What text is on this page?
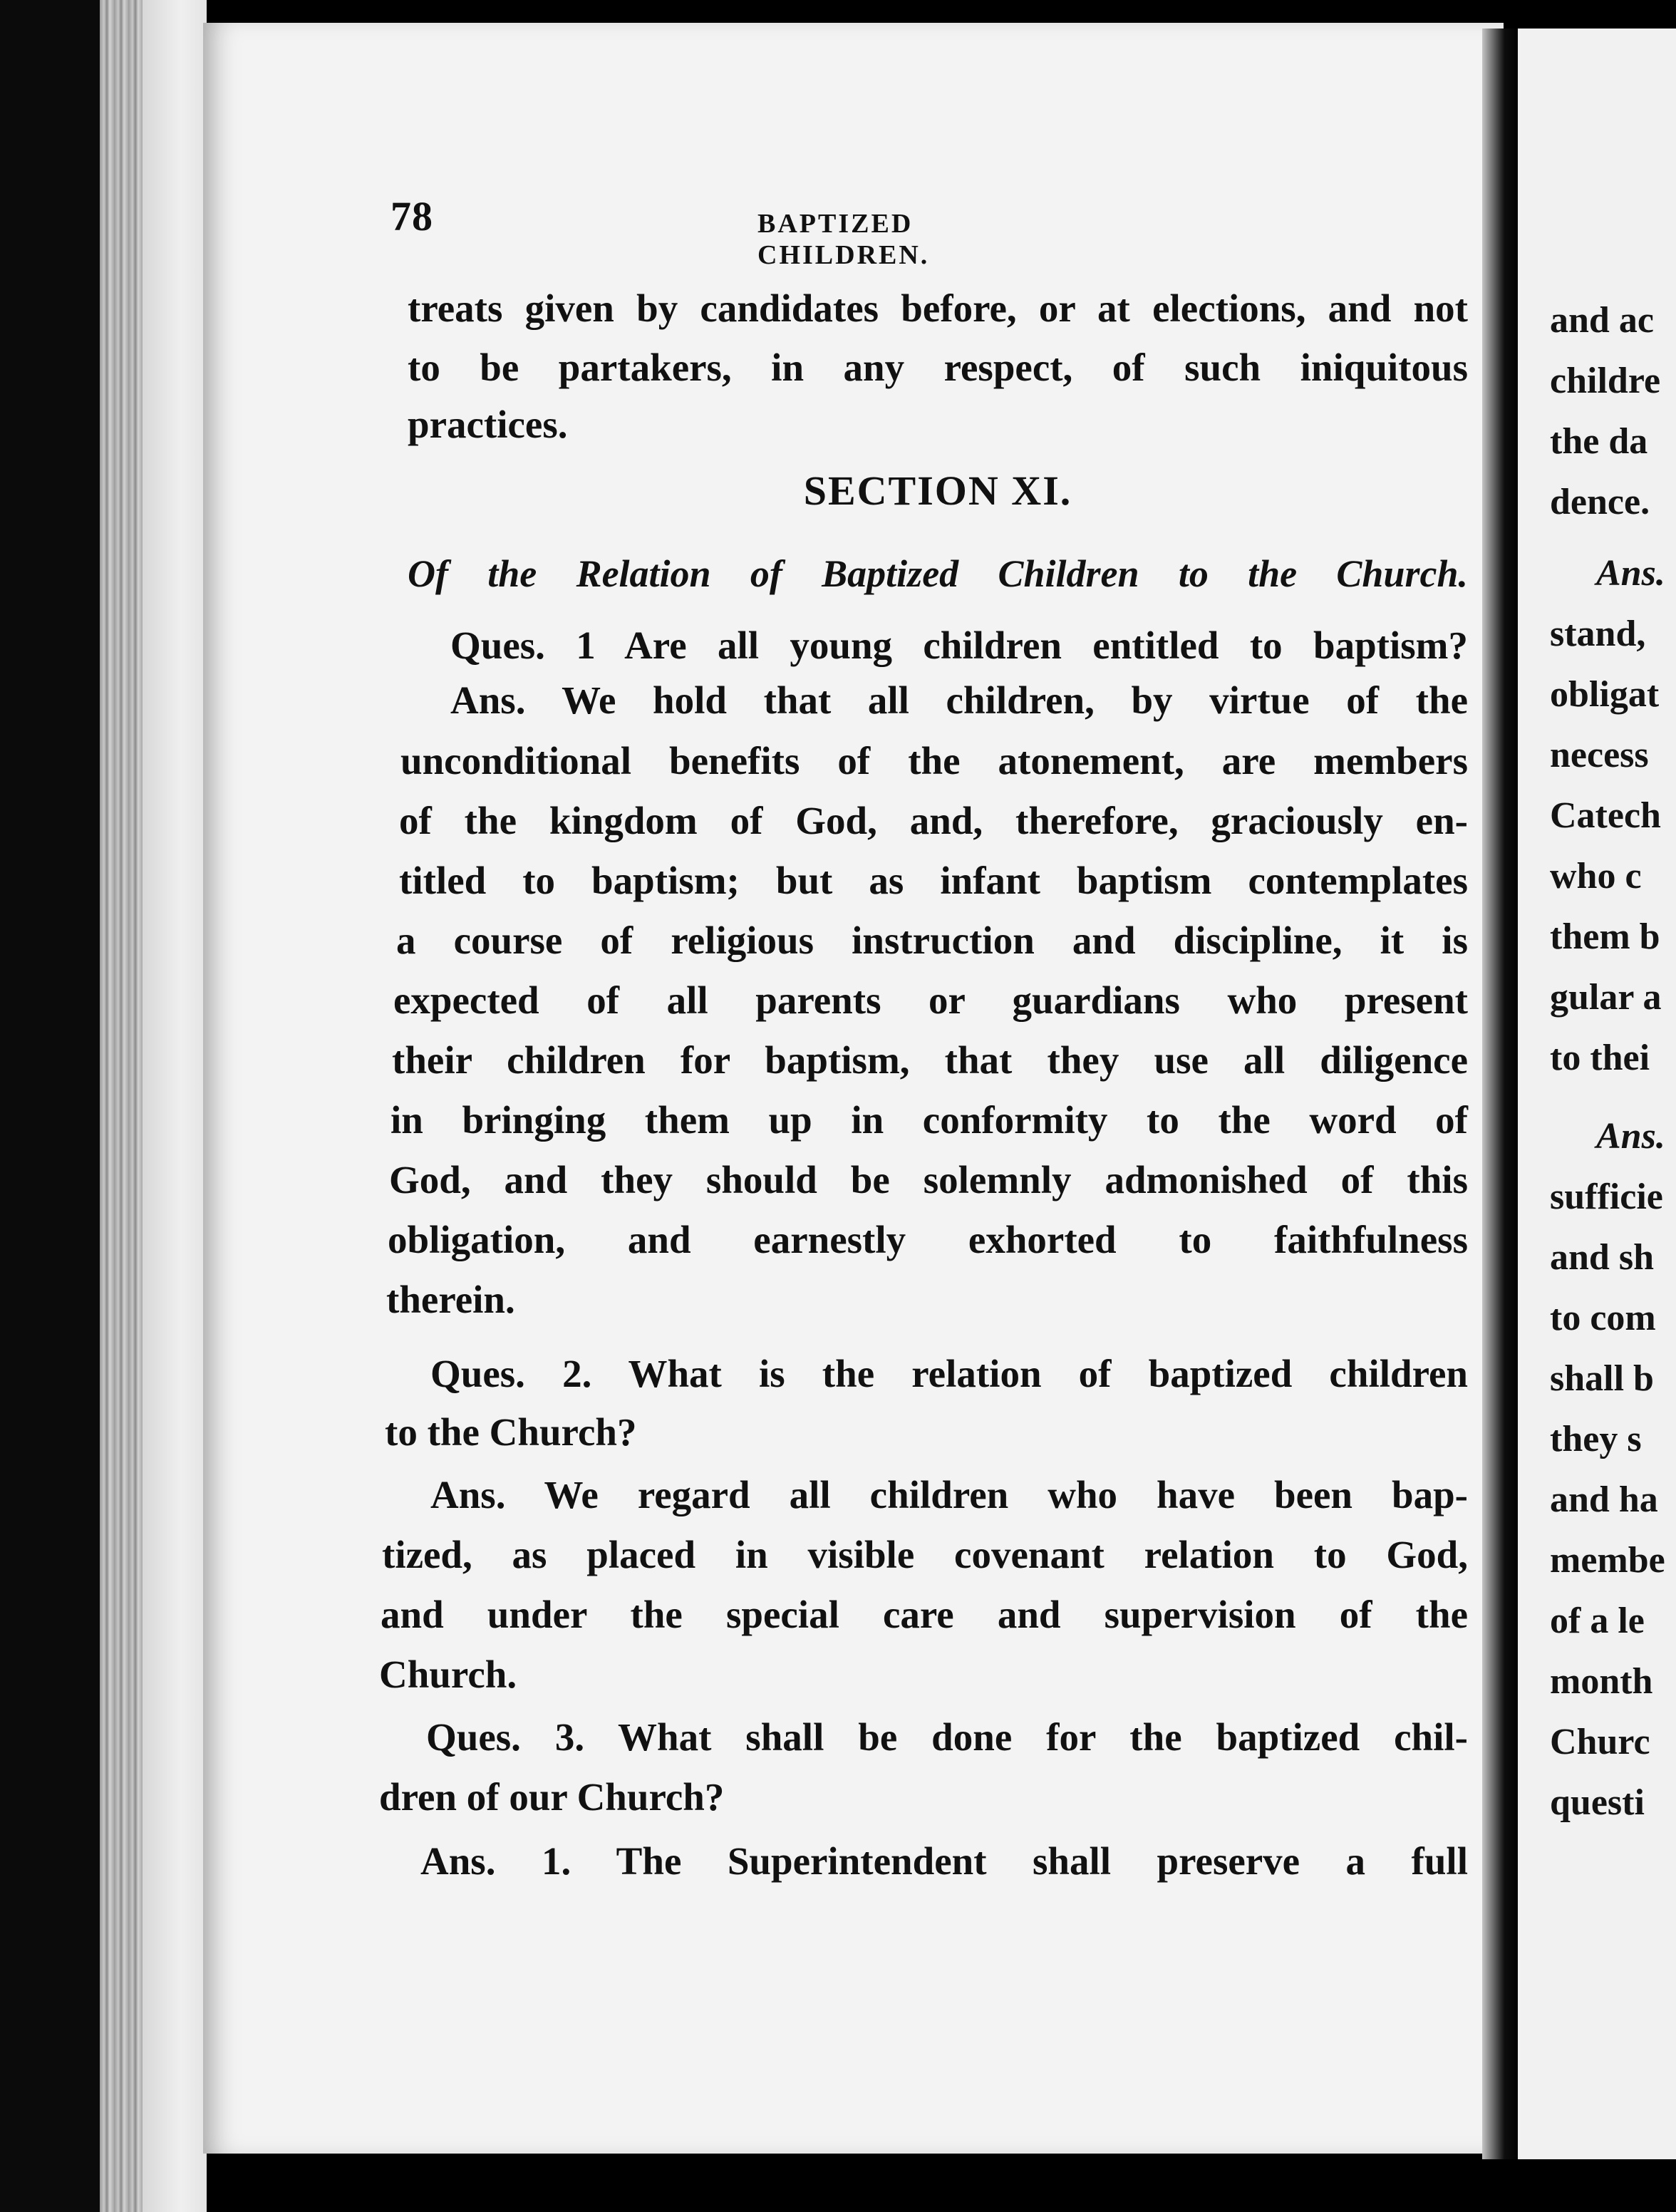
78	BAPTIZED CHILDREN.
treats given by candidates before, or at elections, and not
to be partakers, in any respect, of such iniquitous
practices.
SECTION XI.
Of the Relation of Baptized Children to the Church.
Ques. 1 Are all young children entitled to baptism?
Ans. We hold that all children, by virtue of the
unconditional benefits of the atonement, are members
of the kingdom of God, and, therefore, graciously en-
titled to baptism; but as infant baptism contemplates
a course of religious instruction and discipline, it is
expected of all parents or guardians who present
their children for baptism, that they use all diligence
in bringing them up in conformity to the word of
God, and they should be solemnly admonished of this
obligation, and earnestly exhorted to faithfulness
therein.
Ques. 2. What is the relation of baptized children
to the Church?
Ans. We regard all children who have been bap-
tized, as placed in visible covenant relation to God,
and under the special care and supervision of the
Church.
Ques. 3. What shall be done for the baptized chil-
dren of our Church?
Ans. 1. The Superintendent shall preserve a full
and ac
childre
the da
dence.
Ans.
stand,
obligat
necess
Catech
who c
them b
gular a
to thei
Ans.
sufficie
and sh
to com
shall b
they s
and ha
membe
of a le
month
Churc
questi
